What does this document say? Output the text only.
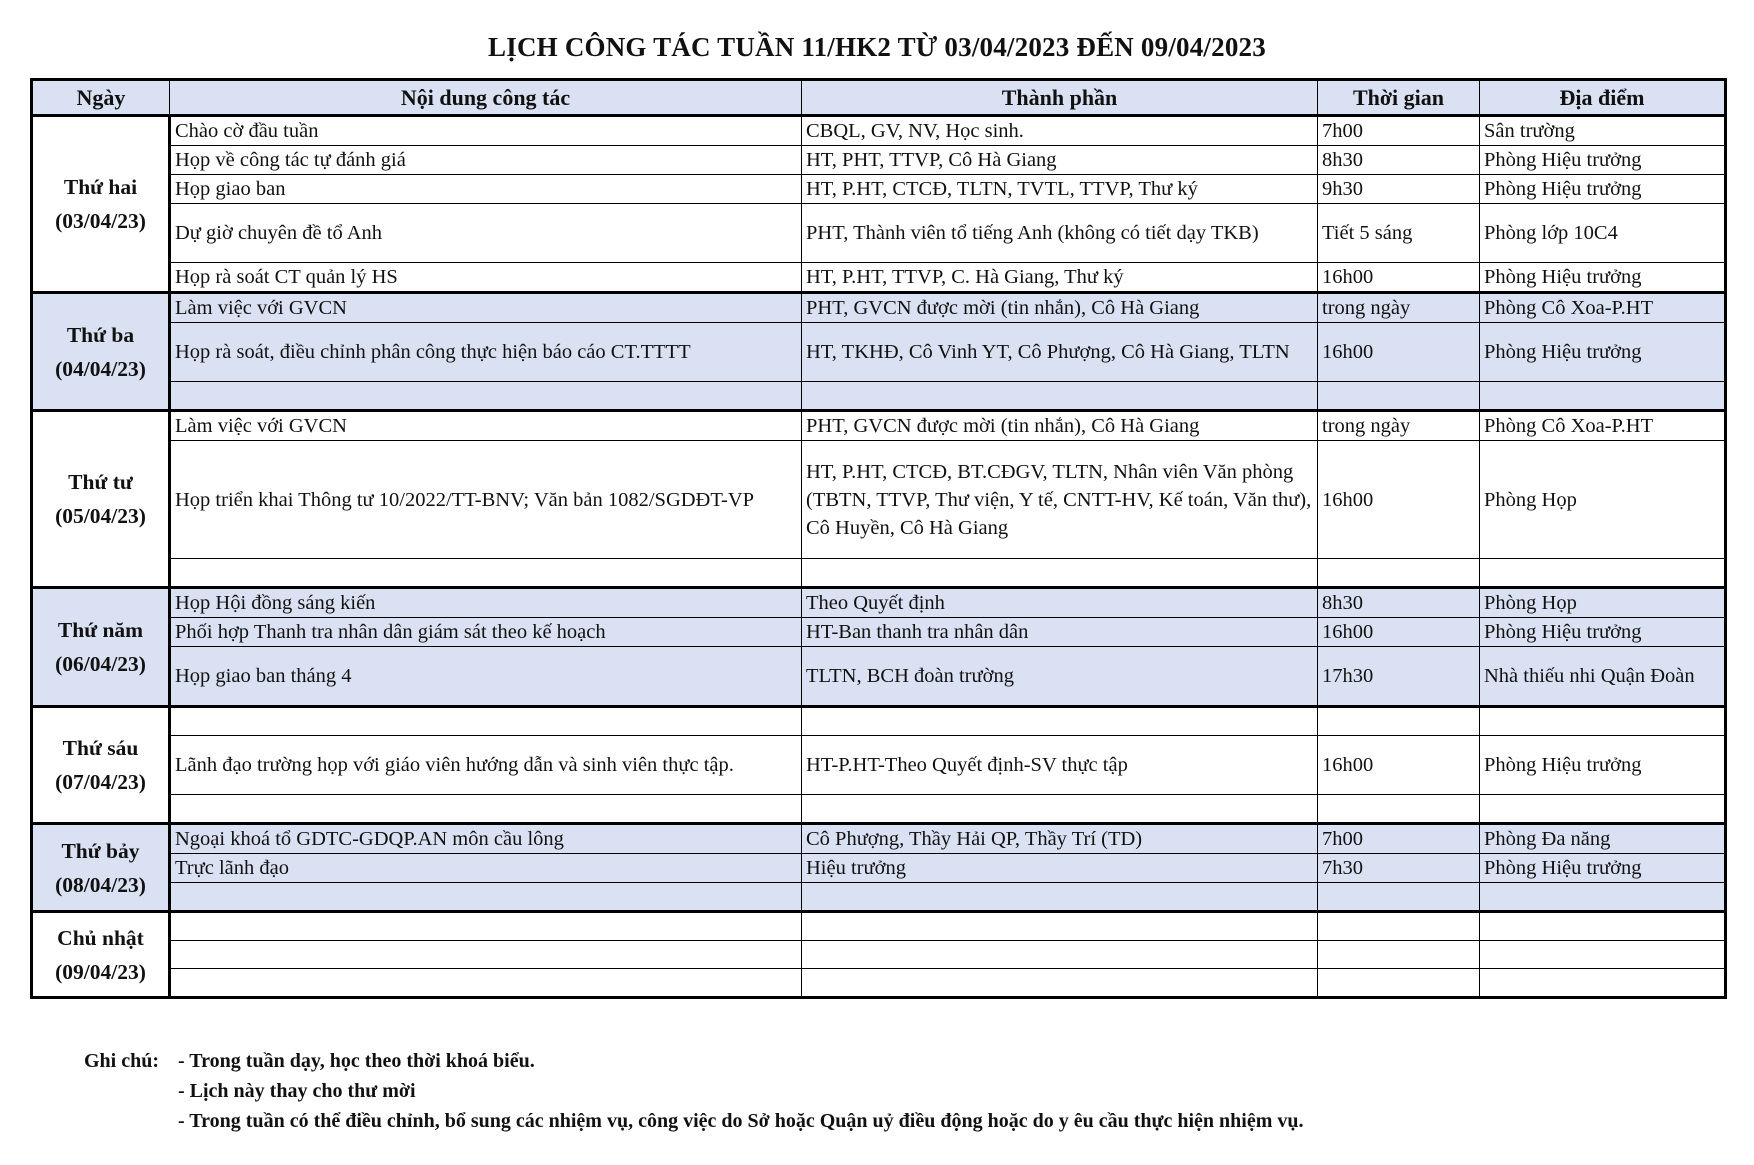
LỊCH CÔNG TÁC TUẦN 11/HK2 TỪ 03/04/2023 ĐẾN 09/04/2023
Ngày	Nội dung công tác	Thành phần	Thời gian	Địa điểm

Thứ hai
(03/04/23)	Chào cờ đầu tuần	CBQL, GV, NV, Học sinh.	7h00	Sân trường
	Họp về công tác tự đánh giá	HT, PHT, TTVP, Cô Hà Giang	8h30	Phòng Hiệu trưởng
	Họp giao ban	HT, P.HT, CTCĐ, TLTN, TVTL, TTVP, Thư ký	9h30	Phòng Hiệu trưởng
	Dự giờ chuyên đề tổ Anh	PHT, Thành viên tổ tiếng Anh (không có tiết dạy TKB)	Tiết 5 sáng	Phòng lớp 10C4
	Họp rà soát CT quản lý HS	HT, P.HT, TTVP, C. Hà Giang, Thư ký	16h00	Phòng Hiệu trưởng

Thứ ba
(04/04/23)	Làm việc với GVCN	PHT, GVCN được mời (tin nhắn), Cô Hà Giang	trong ngày	Phòng Cô Xoa-P.HT
	Họp rà soát, điều chỉnh phân công thực hiện báo cáo CT.TTTT	HT, TKHĐ, Cô Vinh YT, Cô Phượng, Cô Hà Giang, TLTN	16h00	Phòng Hiệu trưởng

Thứ tư
(05/04/23)	Làm việc với GVCN	PHT, GVCN được mời (tin nhắn), Cô Hà Giang	trong ngày	Phòng Cô Xoa-P.HT
	Họp triển khai Thông tư 10/2022/TT-BNV; Văn bản 1082/SGDĐT-VP	HT, P.HT, CTCĐ, BT.CĐGV, TLTN, Nhân viên Văn phòng (TBTN, TTVP, Thư viện, Y tế, CNTT-HV, Kế toán, Văn thư), Cô Huyền, Cô Hà Giang	16h00	Phòng Họp

Thứ năm
(06/04/23)	Họp Hội đồng sáng kiến	Theo Quyết định	8h30	Phòng Họp
	Phối hợp Thanh tra nhân dân giám sát theo kế hoạch	HT-Ban thanh tra nhân dân	16h00	Phòng Hiệu trưởng
	Họp giao ban tháng 4	TLTN, BCH đoàn trường	17h30	Nhà thiếu nhi Quận Đoàn

Thứ sáu
(07/04/23)				

	Lãnh đạo trường họp với giáo viên hướng dẫn và sinh viên thực tập.	HT-P.HT-Theo Quyết định-SV thực tập	16h00	Phòng Hiệu trưởng

Thứ bảy
(08/04/23)	Ngoại khoá tổ GDTC-GDQP.AN môn cầu lông	Cô Phượng, Thầy Hải QP, Thầy Trí (TD)	7h00	Phòng Đa năng
	Trực lãnh đạo	Hiệu trưởng	7h30	Phòng Hiệu trưởng

Chủ nhật
(09/04/23)				

Ghi chú: - Trong tuần dạy, học theo thời khoá biểu.
- Lịch này thay cho thư mời
- Trong tuần có thể điều chỉnh, bổ sung các nhiệm vụ, công việc do Sở hoặc Quận uỷ điều động hoặc do y êu cầu thực hiện nhiệm vụ.
